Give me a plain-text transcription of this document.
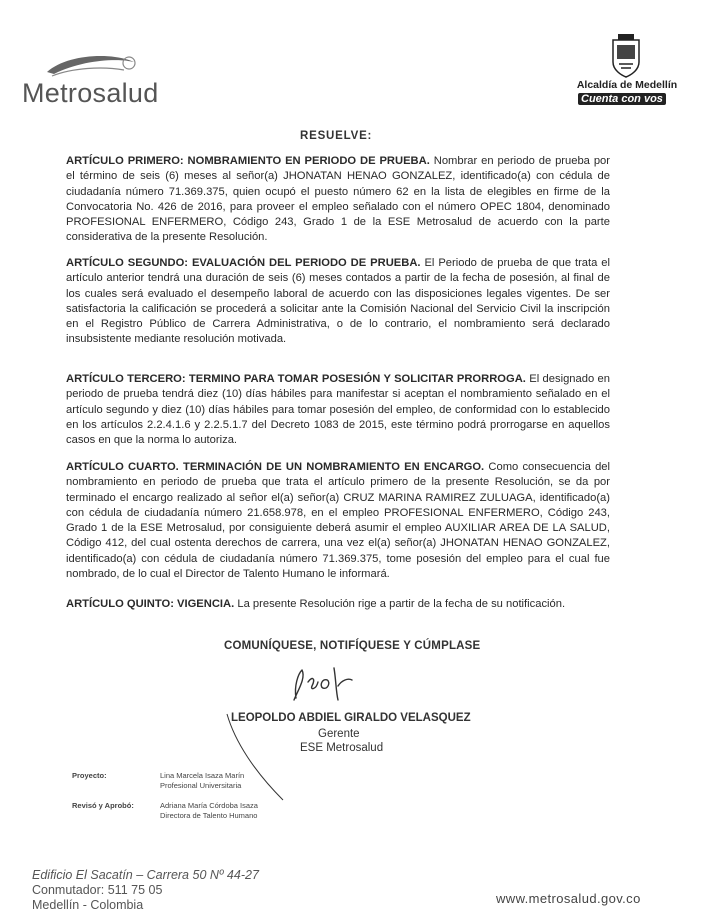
Metrosalud	Alcaldía de Medellín
Cuenta con vos
RESUELVE:
ARTÍCULO PRIMERO: NOMBRAMIENTO EN PERIODO DE PRUEBA. Nombrar en periodo de prueba por el término de seis (6) meses al señor(a) JHONATAN HENAO GONZALEZ, identificado(a) con cédula de ciudadanía número 71.369.375, quien ocupó el puesto número 62 en la lista de elegibles en firme de la Convocatoria No. 426 de 2016, para proveer el empleo señalado con el número OPEC 1804, denominado PROFESIONAL ENFERMERO, Código 243, Grado 1 de la ESE Metrosalud de acuerdo con la parte considerativa de la presente Resolución.
ARTÍCULO SEGUNDO: EVALUACIÓN DEL PERIODO DE PRUEBA. El Periodo de prueba de que trata el artículo anterior tendrá una duración de seis (6) meses contados a partir de la fecha de posesión, al final de los cuales será evaluado el desempeño laboral de acuerdo con las disposiciones legales vigentes. De ser satisfactoria la calificación se procederá a solicitar ante la Comisión Nacional del Servicio Civil la inscripción en el Registro Público de Carrera Administrativa, o de lo contrario, el nombramiento será declarado insubsistente mediante resolución motivada.
ARTÍCULO TERCERO: TERMINO PARA TOMAR POSESIÓN Y SOLICITAR PRORROGA. El designado en periodo de prueba tendrá diez (10) días hábiles para manifestar si aceptan el nombramiento señalado en el artículo segundo y diez (10) días hábiles para tomar posesión del empleo, de conformidad con lo establecido en los artículos 2.2.4.1.6 y 2.2.5.1.7 del Decreto 1083 de 2015, este término podrá prorrogarse en aquellos casos en que la norma lo autoriza.
ARTÍCULO CUARTO. TERMINACIÓN DE UN NOMBRAMIENTO EN ENCARGO. Como consecuencia del nombramiento en periodo de prueba que trata el artículo primero de la presente Resolución, se da por terminado el encargo realizado al señor el(a) señor(a) CRUZ MARINA RAMIREZ ZULUAGA, identificado(a) con cédula de ciudadanía número 21.658.978, en el empleo PROFESIONAL ENFERMERO, Código 243, Grado 1 de la ESE Metrosalud, por consiguiente deberá asumir el empleo AUXILIAR AREA DE LA SALUD, Código 412, del cual ostenta derechos de carrera, una vez el(a) señor(a) JHONATAN HENAO GONZALEZ, identificado(a) con cédula de ciudadanía número 71.369.375, tome posesión del empleo para el cual fue nombrado, de lo cual el Director de Talento Humano le informará.
ARTÍCULO QUINTO: VIGENCIA. La presente Resolución rige a partir de la fecha de su notificación.
COMUNÍQUESE, NOTIFÍQUESE Y CÚMPLASE
LEOPOLDO ABDIEL GIRALDO VELASQUEZ
Gerente
ESE Metrosalud
Proyecto:	Lina Marcela Isaza Marín
Profesional Universitaria
Revisó y Aprobó:	Adriana María Córdoba Isaza
Directora de Talento Humano
Edificio El Sacatín – Carrera 50 Nº 44-27
Conmutador: 511 75 05
Medellín - Colombia	www.metrosalud.gov.co
